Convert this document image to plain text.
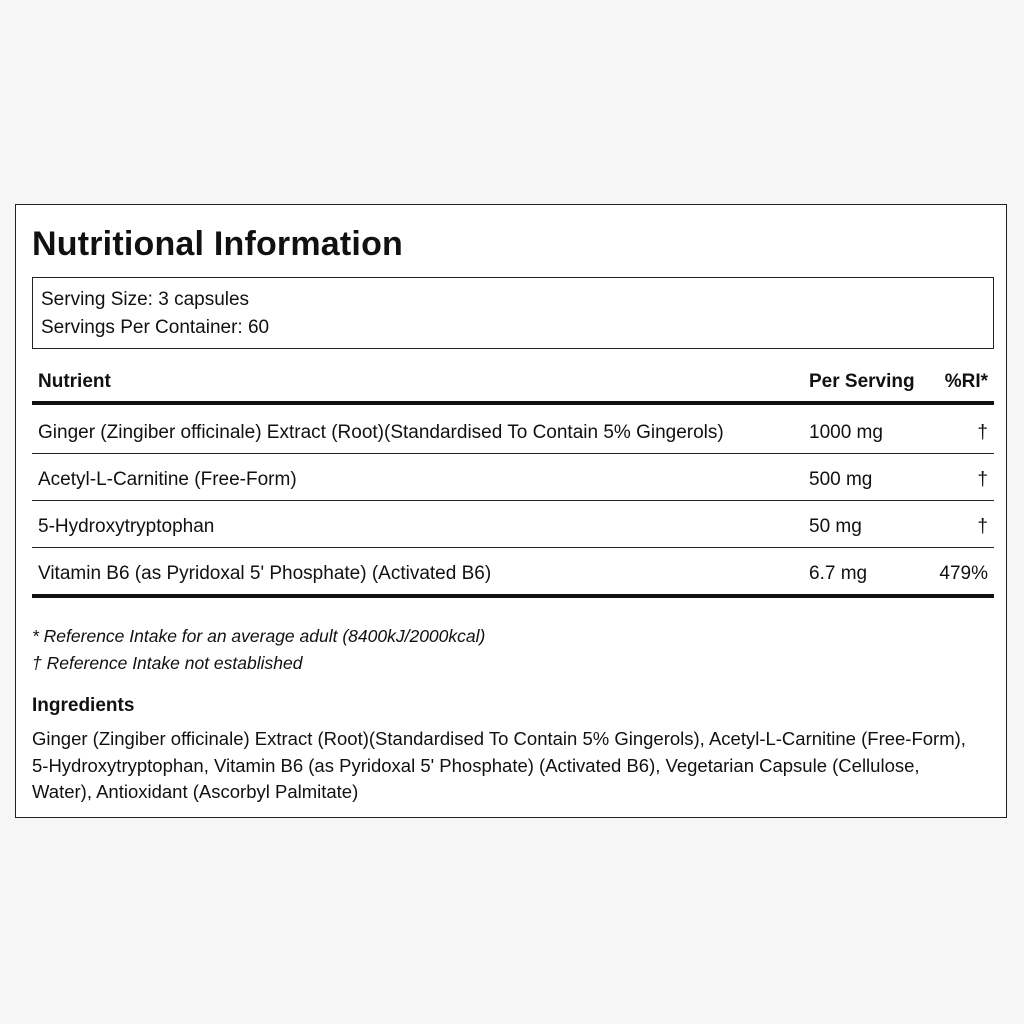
Nutritional Information
Serving Size: 3 capsules
Servings Per Container: 60
Nutrient	Per Serving %RI*
Ginger (Zingiber officinale) Extract (Root)(Standardised To Contain 5% Gingerols)	1000 mg	†
Acetyl-L-Carnitine (Free-Form)	500 mg	†
5-Hydroxytryptophan	50 mg	†
Vitamin B6 (as Pyridoxal 5' Phosphate) (Activated B6)	6.7 mg	479%
* Reference Intake for an average adult (8400kJ/2000kcal)
† Reference Intake not established
Ingredients
Ginger (Zingiber officinale) Extract (Root)(Standardised To Contain 5% Gingerols), Acetyl-L-Carnitine (Free-Form), 5-Hydroxytryptophan, Vitamin B6 (as Pyridoxal 5' Phosphate) (Activated B6), Vegetarian Capsule (Cellulose, Water), Antioxidant (Ascorbyl Palmitate)
